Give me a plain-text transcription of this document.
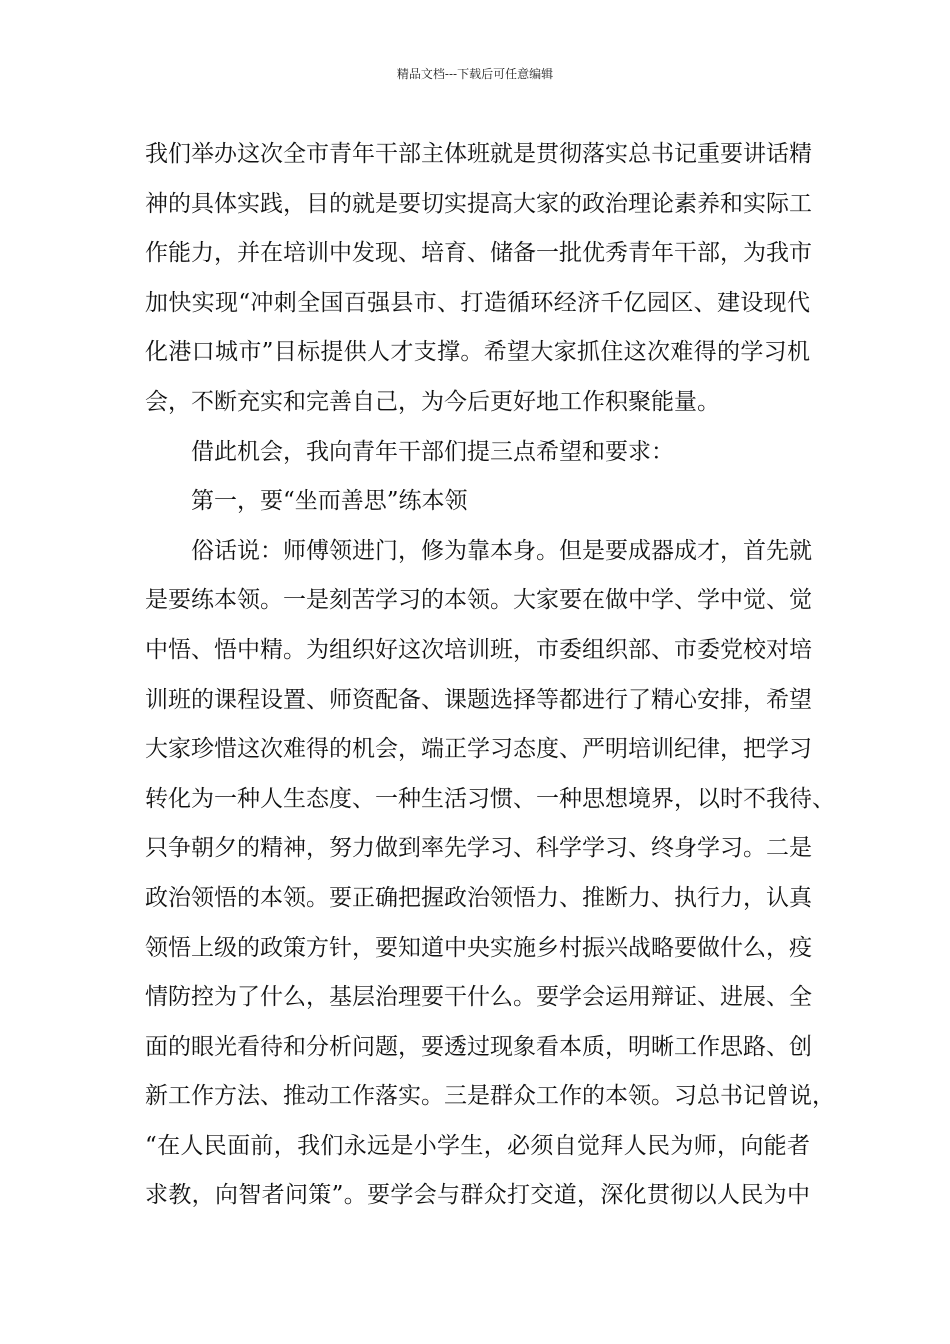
精品文档---下载后可任意编辑
我们举办这次全市青年干部主体班就是贯彻落实总书记重要讲话精
神的具体实践，目的就是要切实提高大家的政治理论素养和实际工
作能力，并在培训中发现、培育、储备一批优秀青年干部，为我市
加快实现“冲刺全国百强县市、打造循环经济千亿园区、建设现代
化港口城市”目标提供人才支撑。希望大家抓住这次难得的学习机
会，不断充实和完善自己，为今后更好地工作积聚能量。
借此机会，我向青年干部们提三点希望和要求：
第一，要“坐而善思”练本领
俗话说：师傅领进门，修为靠本身。但是要成器成才，首先就
是要练本领。一是刻苦学习的本领。大家要在做中学、学中觉、觉
中悟、悟中精。为组织好这次培训班，市委组织部、市委党校对培
训班的课程设置、师资配备、课题选择等都进行了精心安排，希望
大家珍惜这次难得的机会，端正学习态度、严明培训纪律，把学习
转化为一种人生态度、一种生活习惯、一种思想境界，以时不我待、
只争朝夕的精神，努力做到率先学习、科学学习、终身学习。二是
政治领悟的本领。要正确把握政治领悟力、推断力、执行力，认真
领悟上级的政策方针，要知道中央实施乡村振兴战略要做什么，疫
情防控为了什么，基层治理要干什么。要学会运用辩证、进展、全
面的眼光看待和分析问题，要透过现象看本质，明晰工作思路、创
新工作方法、推动工作落实。三是群众工作的本领。习总书记曾说，
“在人民面前，我们永远是小学生，必须自觉拜人民为师，向能者
求教，向智者问策”。要学会与群众打交道，深化贯彻以人民为中
